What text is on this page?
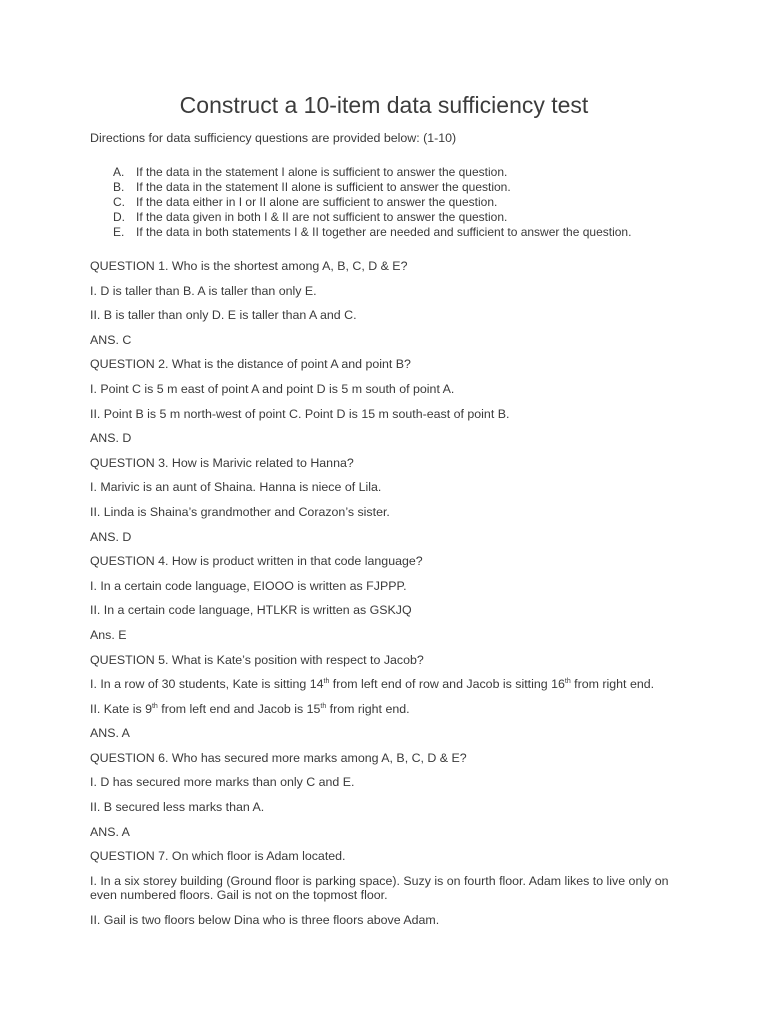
Construct a 10-item data sufficiency test

Directions for data sufficiency questions are provided below: (1-10)

A. If the data in the statement I alone is sufficient to answer the question.
B. If the data in the statement II alone is sufficient to answer the question.
C. If the data either in I or II alone are sufficient to answer the question.
D. If the data given in both I & II are not sufficient to answer the question.
E. If the data in both statements I & II together are needed and sufficient to answer the question.

QUESTION 1. Who is the shortest among A, B, C, D & E?

I. D is taller than B. A is taller than only E.

II. B is taller than only D. E is taller than A and C.

ANS. C

QUESTION 2. What is the distance of point A and point B?

I. Point C is 5 m east of point A and point D is 5 m south of point A.

II. Point B is 5 m north-west of point C. Point D is 15 m south-east of point B.

ANS. D

QUESTION 3. How is Marivic related to Hanna?

I. Marivic is an aunt of Shaina. Hanna is niece of Lila.

II. Linda is Shaina’s grandmother and Corazon’s sister.

ANS. D

QUESTION 4. How is product written in that code language?

I. In a certain code language, EIOOO is written as FJPPP.

II. In a certain code language, HTLKR is written as GSKJQ

Ans. E

QUESTION 5. What is Kate’s position with respect to Jacob?

I. In a row of 30 students, Kate is sitting 14th from left end of row and Jacob is sitting 16th from right end.

II. Kate is 9th from left end and Jacob is 15th from right end.

ANS. A

QUESTION 6. Who has secured more marks among A, B, C, D & E?

I. D has secured more marks than only C and E.

II. B secured less marks than A.

ANS. A

QUESTION 7. On which floor is Adam located.

I. In a six storey building (Ground floor is parking space). Suzy is on fourth floor. Adam likes to live only on even numbered floors. Gail is not on the topmost floor.

II. Gail is two floors below Dina who is three floors above Adam.
